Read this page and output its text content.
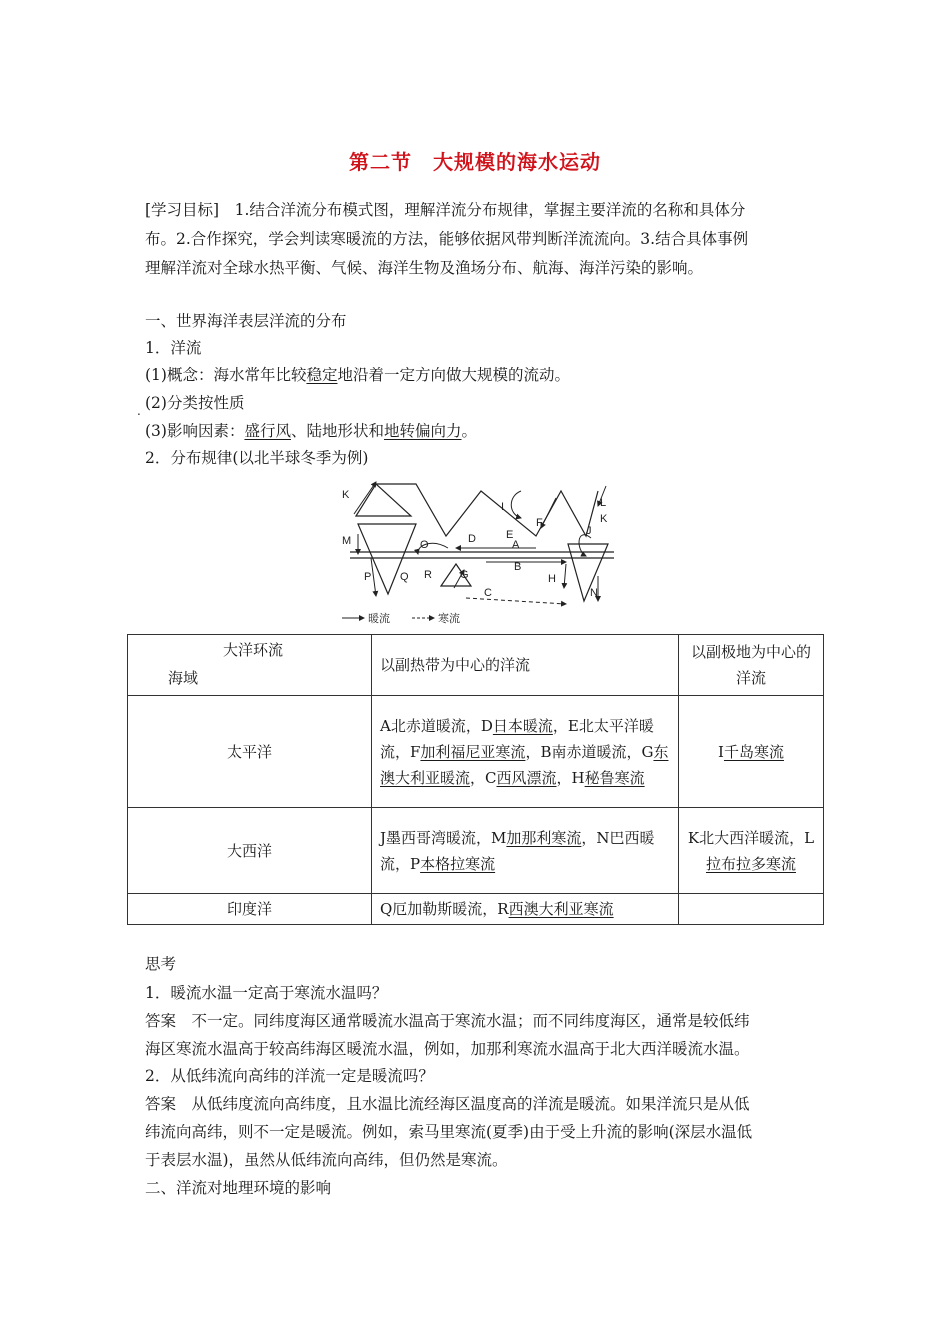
第二节　大规模的海水运动
[学习目标]　1.结合洋流分布模式图，理解洋流分布规律，掌握主要洋流的名称和具体分
布。2.合作探究，学会判读寒暖流的方法，能够依据风带判断洋流流向。3.结合具体事例
理解洋流对全球水热平衡、气候、海洋生物及渔场分布、航海、海洋污染的影响。
一、世界海洋表层洋流的分布
1．洋流
(1)概念：海水常年比较稳定地沿着一定方向做大规模的流动。
. (2)分类按性质
(3)影响因素：盛行风、陆地形状和地转偏向力。
2．分布规律(以北半球冬季为例)
K
M
P	Q
O
R	G
D	E
A
B
I
F
C
L
K
J
H
N
暖流	寒流
大洋环流
海域	以副热带为中心的洋流	以副极地为中心的洋流
太平洋	A北赤道暖流，D日本暖流，E北太平洋暖流，F加利福尼亚寒流，B南赤道暖流，G东澳大利亚暖流，C西风漂流，H秘鲁寒流	I千岛寒流
大西洋	J墨西哥湾暖流，M加那利寒流，N巴西暖流，P本格拉寒流	K北大西洋暖流，L拉布拉多寒流
印度洋	Q厄加勒斯暖流，R西澳大利亚寒流	
思考
1．暖流水温一定高于寒流水温吗？
答案　不一定。同纬度海区通常暖流水温高于寒流水温；而不同纬度海区，通常是较低纬
海区寒流水温高于较高纬海区暖流水温，例如，加那利寒流水温高于北大西洋暖流水温。
2．从低纬流向高纬的洋流一定是暖流吗？
答案　从低纬度流向高纬度，且水温比流经海区温度高的洋流是暖流。如果洋流只是从低
纬流向高纬，则不一定是暖流。例如，索马里寒流(夏季)由于受上升流的影响(深层水温低
于表层水温)，虽然从低纬流向高纬，但仍然是寒流。
二、洋流对地理环境的影响
